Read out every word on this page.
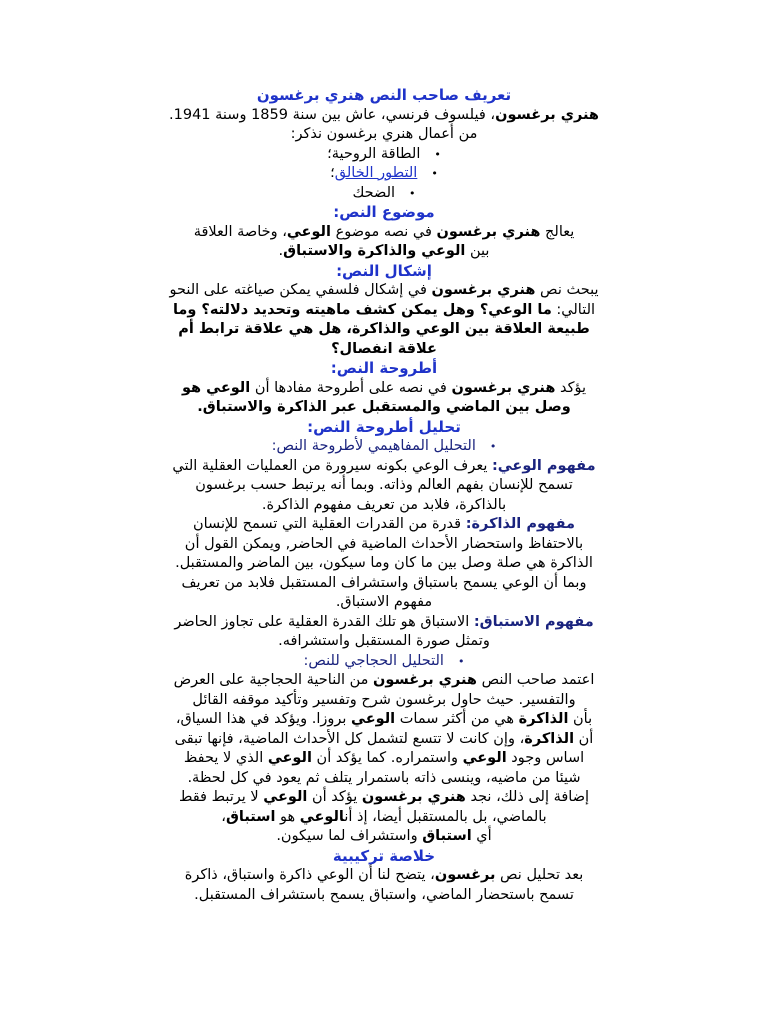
تعريف صاحب النص هنري برغسون
هنري برغسون، فيلسوف فرنسي، عاش بين سنة 1859 وسنة 1941.
من أعمال هنري برغسون نذكر:
•الطاقة الروحية؛
•التطور الخالق؛
•الضحك
موضوع النص:
يعالج هنري برغسون في نصه موضوع الوعي، وخاصة العلاقة
بين الوعي والذاكرة والاستباق.
إشكال النص:
يبحث نص هنري برغسون في إشكال فلسفي يمكن صياغته على النحو
التالي: ما الوعي؟ وهل يمكن كشف ماهيته وتحديد دلالته؟ وما
طبيعة العلاقة بين الوعي والذاكرة، هل هي علاقة ترابط أم
علاقة انفصال؟
أطروحة النص:
يؤكد هنري برغسون في نصه على أطروحة مفادها أن الوعي هو
وصل بين الماضي والمستقبل عبر الذاكرة والاستباق.
تحليل أطروحة النص:
•التحليل المفاهيمي لأطروحة النص:
مفهوم الوعي: يعرف الوعي بكونه سيرورة من العمليات العقلية التي
تسمح للإنسان بفهم العالم وذاته. وبما أنه يرتبط حسب برغسون
بالذاكرة، فلابد من تعريف مفهوم الذاكرة.
مفهوم الذاكرة: قدرة من القدرات العقلية التي تسمح للإنسان
بالاحتفاظ واستحضار الأحداث الماضية في الحاضر, ويمكن القول أن
الذاكرة هي صلة وصل بين ما كان وما سيكون، بين الماضر والمستقبل.
وبما أن الوعي يسمح باستباق واستشراف المستقبل فلابد من تعريف
مفهوم الاستباق.
مفهوم الاستباق: الاستباق هو تلك القدرة العقلية على تجاوز الحاضر
وتمثل صورة المستقبل واستشرافه.
•التحليل الحجاجي للنص:
اعتمد صاحب النص هنري برغسون من الناحية الحجاجية على العرض
والتفسير. حيث حاول برغسون شرح وتفسير وتأكيد موقفه القائل
بأن الذاكرة هي من أكثر سمات الوعي بروزا. ويؤكد في هذا السياق،
أن الذاكرة، وإن كانت لا تتسع لتشمل كل الأحداث الماضية، فإنها تبقى
اساس وجود الوعي واستمراره. كما يؤكد أن الوعي الذي لا يحفظ
شيئا من ماضيه، وينسى ذاته باستمرار يتلف ثم يعود في كل لحظة.
إضافة إلى ذلك، نجد هنري برغسون يؤكد أن الوعي لا يرتبط فقط
بالماضي، بل بالمستقبل أيضا، إذ أنالوعي هو استباق،
أي استباق واستشراف لما سيكون.
خلاصة تركيبية
بعد تحليل نص برغسون، يتضح لنا أن الوعي ذاكرة واستباق، ذاكرة
تسمح باستحضار الماضي، واستباق يسمح باستشراف المستقبل.
